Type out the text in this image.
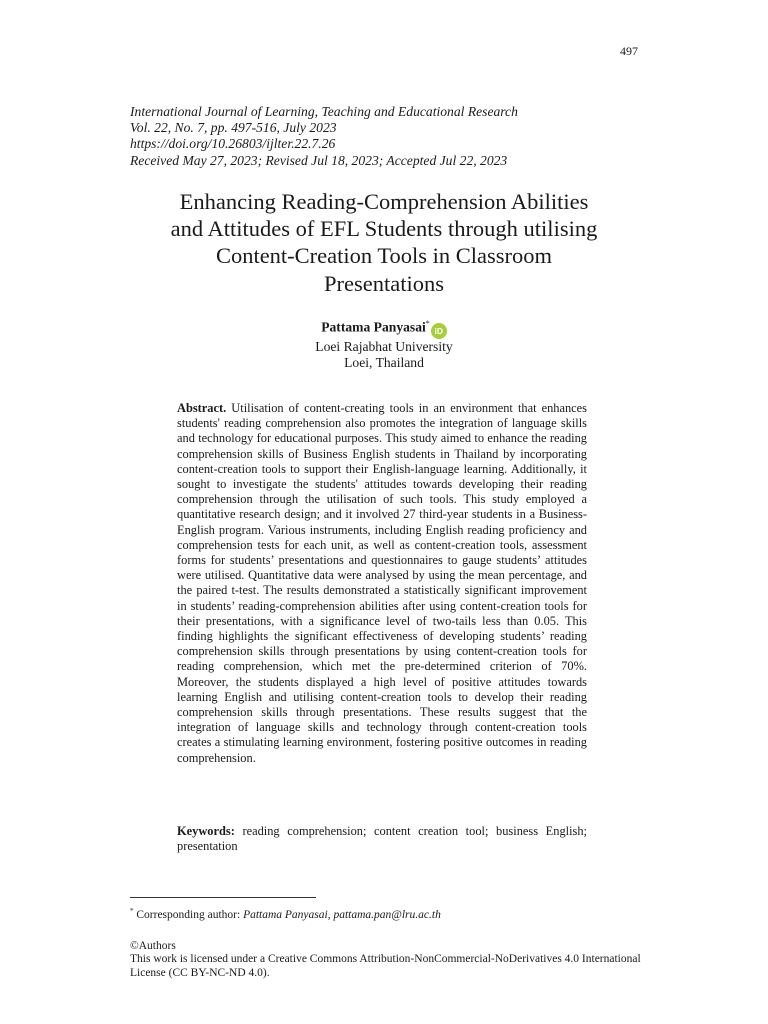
497
International Journal of Learning, Teaching and Educational Research
Vol. 22, No. 7, pp. 497-516, July 2023
https://doi.org/10.26803/ijlter.22.7.26
Received May 27, 2023; Revised Jul 18, 2023; Accepted Jul 22, 2023
Enhancing Reading-Comprehension Abilities
and Attitudes of EFL Students through utilising
Content-Creation Tools in Classroom
Presentations
Pattama Panyasai*iD
Loei Rajabhat University
Loei, Thailand
Abstract. Utilisation of content-creating tools in an environment that enhances students' reading comprehension also promotes the integration of language skills and technology for educational purposes. This study aimed to enhance the reading comprehension skills of Business English students in Thailand by incorporating content-creation tools to support their English-language learning. Additionally, it sought to investigate the students' attitudes towards developing their reading comprehension through the utilisation of such tools. This study employed a quantitative research design; and it involved 27 third-year students in a Business-English program. Various instruments, including English reading proficiency and comprehension tests for each unit, as well as content-creation tools, assessment forms for students’ presentations and questionnaires to gauge students’ attitudes were utilised. Quantitative data were analysed by using the mean percentage, and the paired t-test. The results demonstrated a statistically significant improvement in students’ reading-comprehension abilities after using content-creation tools for their presentations, with a significance level of two-tails less than 0.05. This finding highlights the significant effectiveness of developing students’ reading comprehension skills through presentations by using content-creation tools for reading comprehension, which met the pre-determined criterion of 70%. Moreover, the students displayed a high level of positive attitudes towards learning English and utilising content-creation tools to develop their reading comprehension skills through presentations. These results suggest that the integration of language skills and technology through content-creation tools creates a stimulating learning environment, fostering positive outcomes in reading comprehension.
Keywords: reading comprehension; content creation tool; business English; presentation
* Corresponding author: Pattama Panyasai, pattama.pan@lru.ac.th
©Authors
This work is licensed under a Creative Commons Attribution-NonCommercial-NoDerivatives 4.0 International License (CC BY-NC-ND 4.0).
